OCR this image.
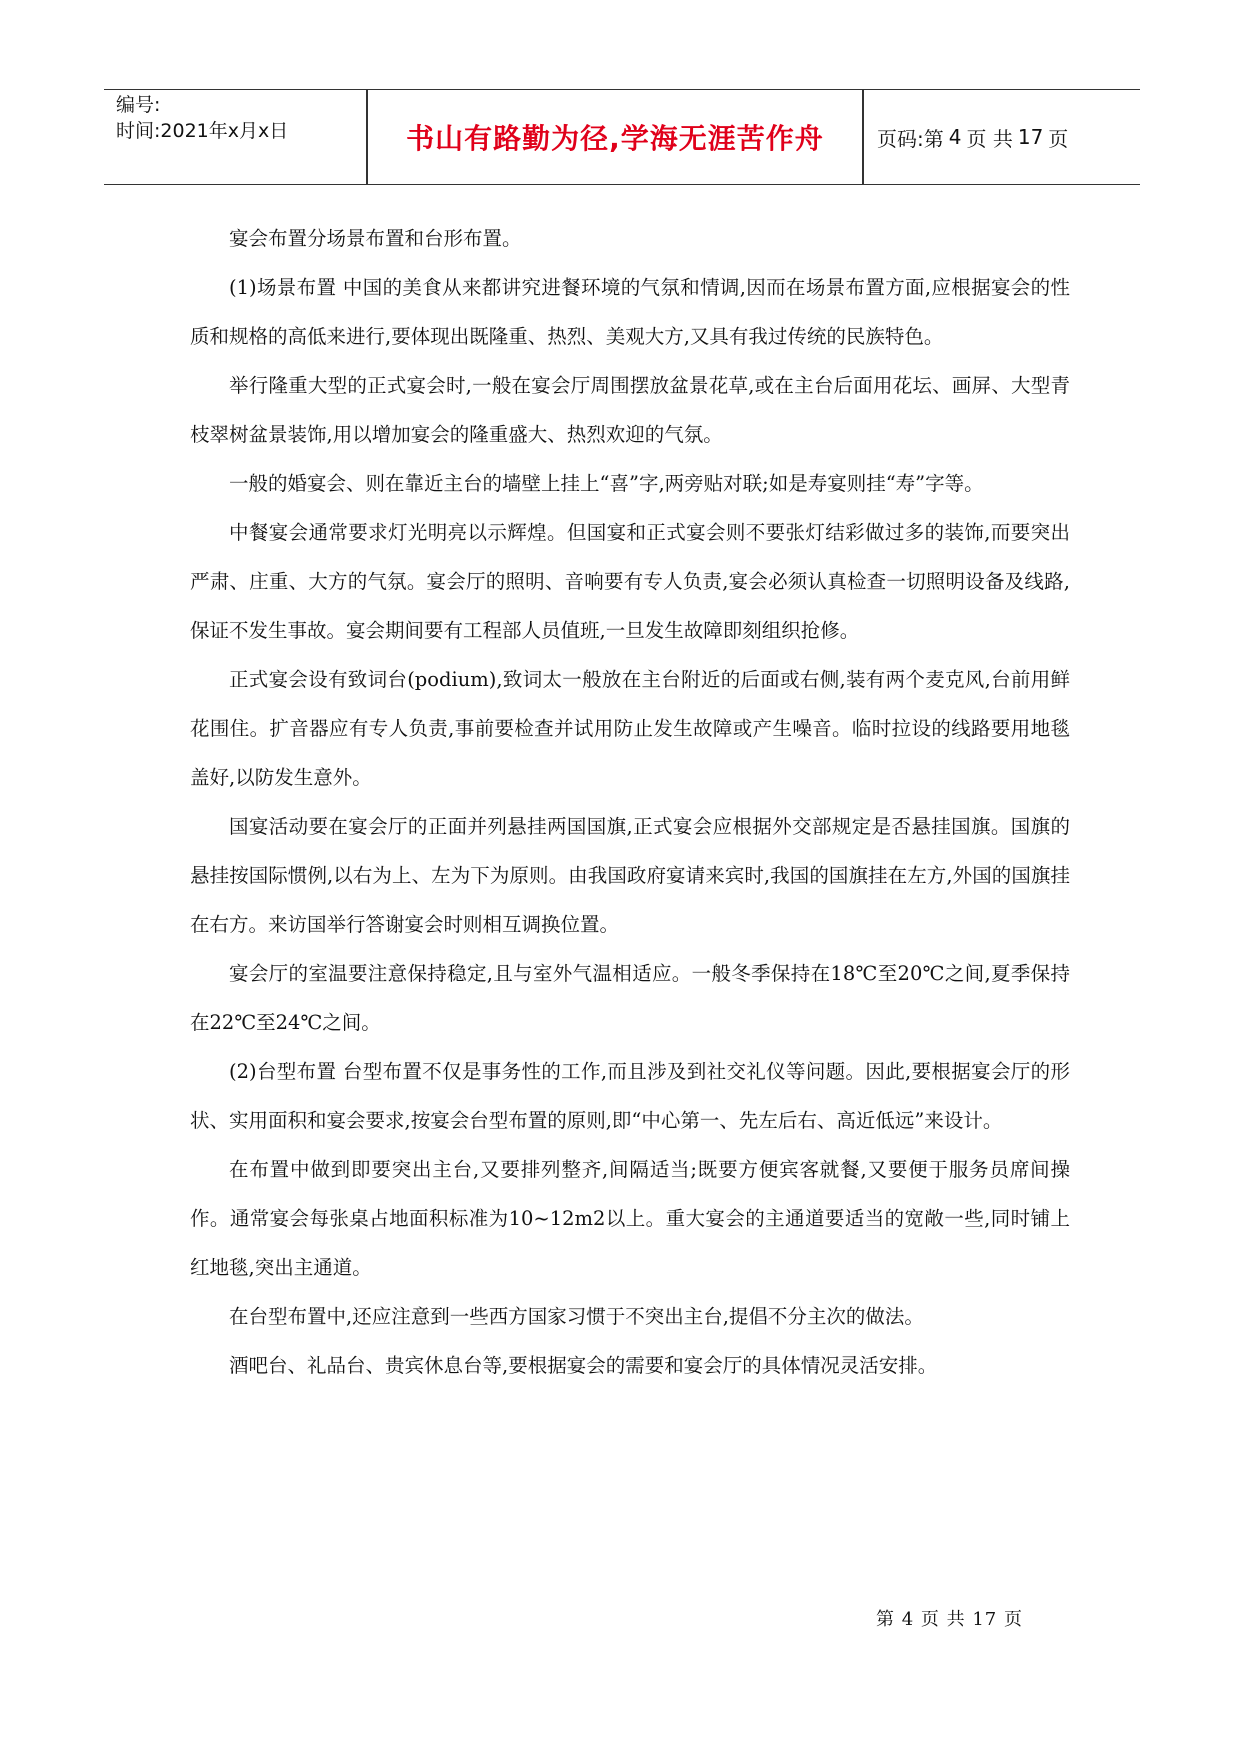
编号:
时间:2021年x月x日	书山有路勤为径,学海无涯苦作舟	页码:第 4 页 共 17 页

宴会布置分场景布置和台形布置。

(1)场景布置 中国的美食从来都讲究进餐环境的气氛和情调,因而在场景布置方面,应根据宴会的性质和规格的高低来进行,要体现出既隆重、热烈、美观大方,又具有我过传统的民族特色。

举行隆重大型的正式宴会时,一般在宴会厅周围摆放盆景花草,或在主台后面用花坛、画屏、大型青枝翠树盆景装饰,用以增加宴会的隆重盛大、热烈欢迎的气氛。

一般的婚宴会、则在靠近主台的墙壁上挂上“喜”字,两旁贴对联;如是寿宴则挂“寿”字等。

中餐宴会通常要求灯光明亮以示辉煌。但国宴和正式宴会则不要张灯结彩做过多的装饰,而要突出严肃、庄重、大方的气氛。宴会厅的照明、音响要有专人负责,宴会必须认真检查一切照明设备及线路,保证不发生事故。宴会期间要有工程部人员值班,一旦发生故障即刻组织抢修。

正式宴会设有致词台(podium),致词太一般放在主台附近的后面或右侧,装有两个麦克风,台前用鲜花围住。扩音器应有专人负责,事前要检查并试用防止发生故障或产生噪音。临时拉设的线路要用地毯盖好,以防发生意外。

国宴活动要在宴会厅的正面并列悬挂两国国旗,正式宴会应根据外交部规定是否悬挂国旗。国旗的悬挂按国际惯例,以右为上、左为下为原则。由我国政府宴请来宾时,我国的国旗挂在左方,外国的国旗挂在右方。来访国举行答谢宴会时则相互调换位置。

宴会厅的室温要注意保持稳定,且与室外气温相适应。一般冬季保持在18℃至20℃之间,夏季保持在22℃至24℃之间。

(2)台型布置 台型布置不仅是事务性的工作,而且涉及到社交礼仪等问题。因此,要根据宴会厅的形状、实用面积和宴会要求,按宴会台型布置的原则,即“中心第一、先左后右、高近低远”来设计。

在布置中做到即要突出主台,又要排列整齐,间隔适当;既要方便宾客就餐,又要便于服务员席间操作。通常宴会每张桌占地面积标准为10~12m2以上。重大宴会的主通道要适当的宽敞一些,同时铺上红地毯,突出主通道。

在台型布置中,还应注意到一些西方国家习惯于不突出主台,提倡不分主次的做法。

酒吧台、礼品台、贵宾休息台等,要根据宴会的需要和宴会厅的具体情况灵活安排。

第 4 页 共 17 页
